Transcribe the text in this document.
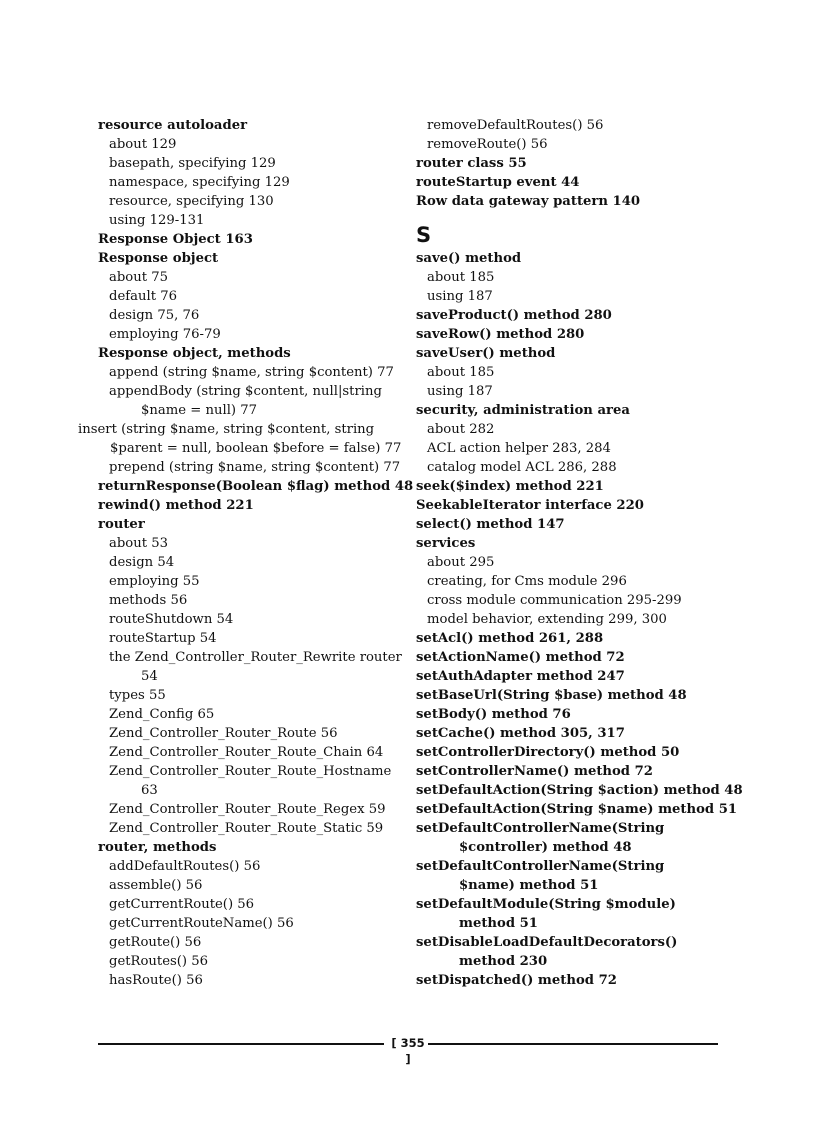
resource autoloader
about 129
basepath, specifying 129
namespace, specifying 129
resource, specifying 130
using 129-131
Response Object 163
Response object
about 75
default 76
design 75, 76
employing 76-79
Response object, methods
append (string $name, string $content) 77
appendBody (string $content, null|string $name = null) 77
insert (string $name, string $content, string $parent = null, boolean $before = false) 77
prepend (string $name, string $content) 77
returnResponse(Boolean $flag) method 48
rewind() method 221
router
about 53
design 54
employing 55
methods 56
routeShutdown 54
routeStartup 54
the Zend_Controller_Router_Rewrite router 54
types 55
Zend_Config 65
Zend_Controller_Router_Route 56
Zend_Controller_Router_Route_Chain 64
Zend_Controller_Router_Route_Hostname 63
Zend_Controller_Router_Route_Regex 59
Zend_Controller_Router_Route_Static 59
router, methods
addDefaultRoutes() 56
assemble() 56
getCurrentRoute() 56
getCurrentRouteName() 56
getRoute() 56
getRoutes() 56
hasRoute() 56
removeDefaultRoutes() 56
removeRoute() 56
router class 55
routeStartup event 44
Row data gateway pattern 140
S
save() method
about 185
using 187
saveProduct() method 280
saveRow() method 280
saveUser() method
about 185
using 187
security, administration area
about 282
ACL action helper 283, 284
catalog model ACL 286, 288
seek($index) method 221
SeekableIterator interface 220
select() method 147
services
about 295
creating, for Cms module 296
cross module communication 295-299
model behavior, extending 299, 300
setAcl() method 261, 288
setActionName() method 72
setAuthAdapter method 247
setBaseUrl(String $base) method 48
setBody() method 76
setCache() method 305, 317
setControllerDirectory() method 50
setControllerName() method 72
setDefaultAction(String $action) method 48
setDefaultAction(String $name) method 51
setDefaultControllerName(String $controller) method 48
setDefaultControllerName(String $name) method 51
setDefaultModule(String $module) method 51
setDisableLoadDefaultDecorators() method 230
setDispatched() method 72
[ 355 ]
